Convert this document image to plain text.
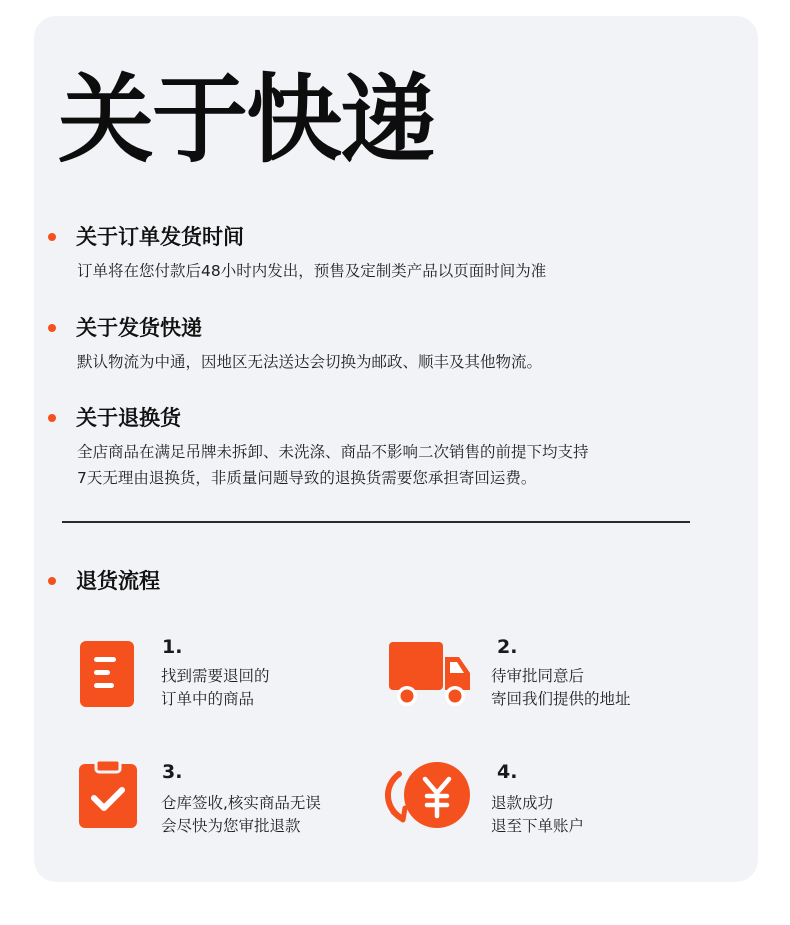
关于快递
关于订单发货时间
订单将在您付款后48小时内发出，预售及定制类产品以页面时间为准
关于发货快递
默认物流为中通，因地区无法送达会切换为邮政、顺丰及其他物流。
关于退换货
全店商品在满足吊牌未拆卸、未洗涤、商品不影响二次销售的前提下均支持
7天无理由退换货，非质量问题导致的退换货需要您承担寄回运费。
退货流程
1.
找到需要退回的
订单中的商品
2.
待审批同意后
寄回我们提供的地址
3.
仓库签收,核实商品无误
会尽快为您审批退款
4.
退款成功
退至下单账户
